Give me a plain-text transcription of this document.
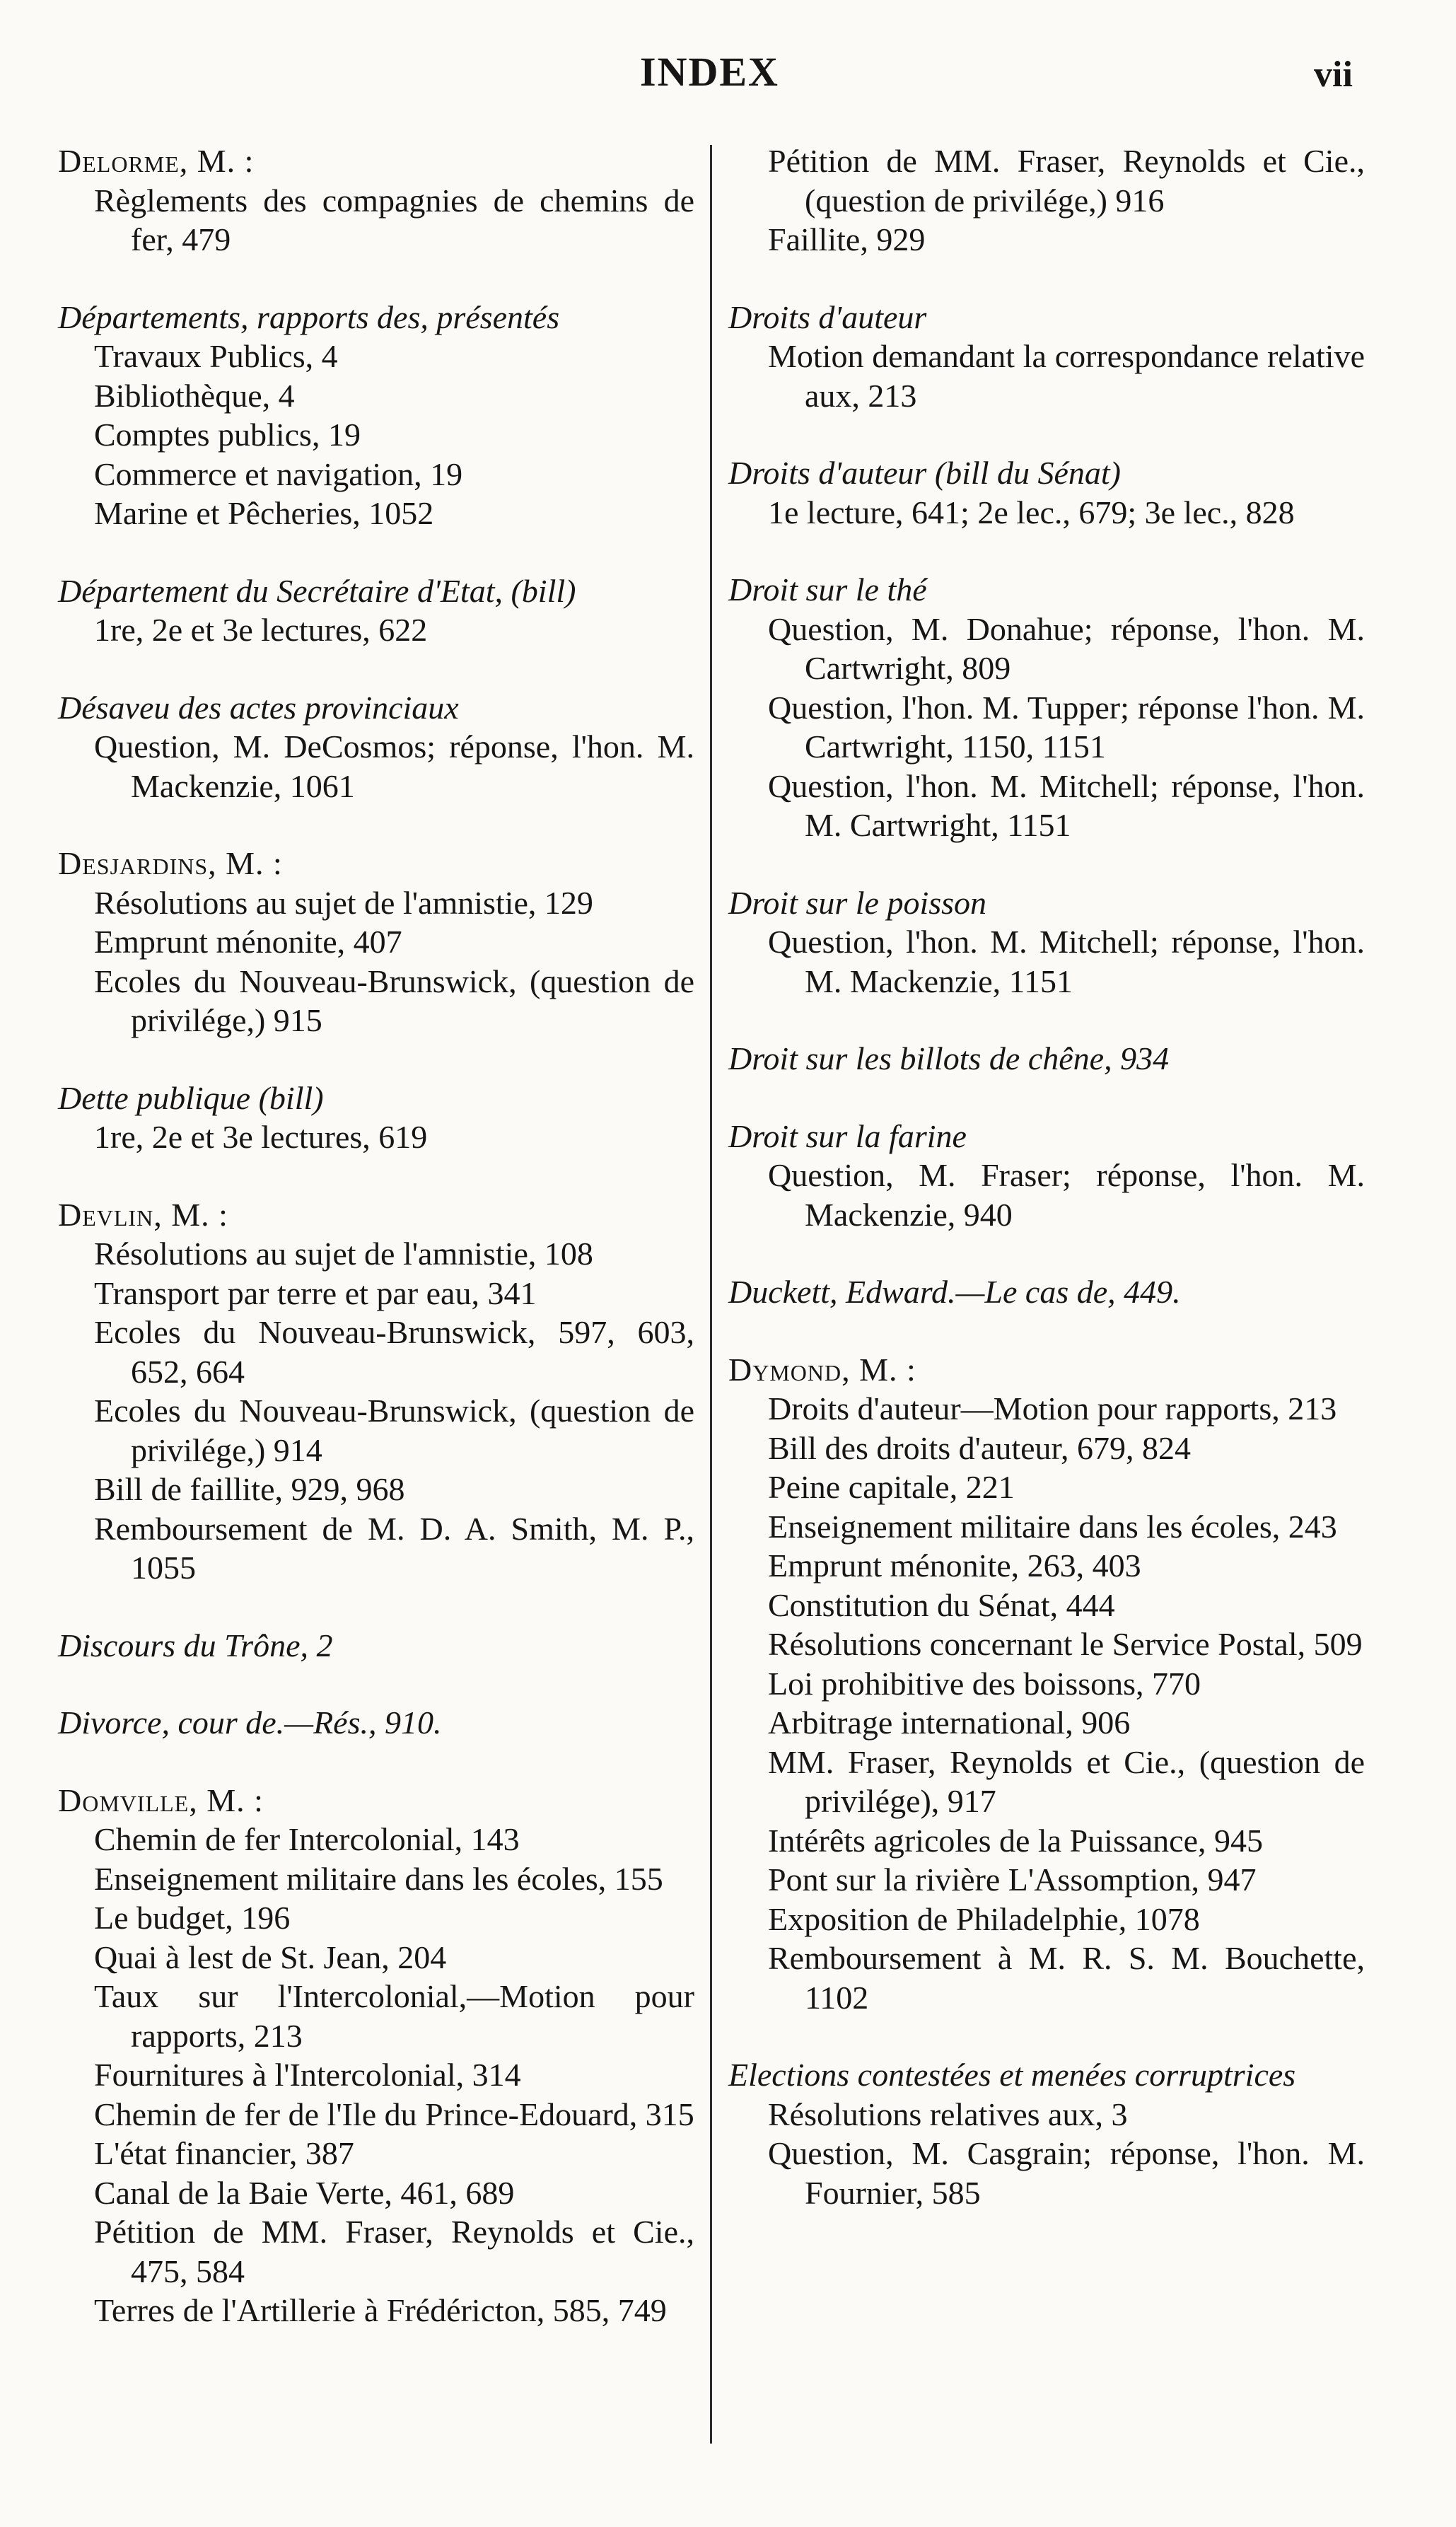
INDEX	vii
Delorme, M. :
Règlements des compagnies de chemins de fer, 479
Départements, rapports des, présentés
Travaux Publics, 4
Bibliothèque, 4
Comptes publics, 19
Commerce et navigation, 19
Marine et Pêcheries, 1052
Département du Secrétaire d'Etat, (bill)
1re, 2e et 3e lectures, 622
Désaveu des actes provinciaux
Question, M. DeCosmos; réponse, l'hon. M. Mackenzie, 1061
Desjardins, M. :
Résolutions au sujet de l'amnistie, 129
Emprunt ménonite, 407
Ecoles du Nouveau-Brunswick, (question de privilége,) 915
Dette publique (bill)
1re, 2e et 3e lectures, 619
Devlin, M. :
Résolutions au sujet de l'amnistie, 108
Transport par terre et par eau, 341
Ecoles du Nouveau-Brunswick, 597, 603, 652, 664
Ecoles du Nouveau-Brunswick, (question de privilége,) 914
Bill de faillite, 929, 968
Remboursement de M. D. A. Smith, M. P., 1055
Discours du Trône, 2
Divorce, cour de.—Rés., 910.
Domville, M. :
Chemin de fer Intercolonial, 143
Enseignement militaire dans les écoles, 155
Le budget, 196
Quai à lest de St. Jean, 204
Taux sur l'Intercolonial,—Motion pour rapports, 213
Fournitures à l'Intercolonial, 314
Chemin de fer de l'Ile du Prince-Edouard, 315
L'état financier, 387
Canal de la Baie Verte, 461, 689
Pétition de MM. Fraser, Reynolds et Cie., 475, 584
Terres de l'Artillerie à Frédéricton, 585, 749
Pétition de MM. Fraser, Reynolds et Cie., (question de privilége,) 916
Faillite, 929
Droits d'auteur
Motion demandant la correspondance relative aux, 213
Droits d'auteur (bill du Sénat)
1e lecture, 641; 2e lec., 679; 3e lec., 828
Droit sur le thé
Question, M. Donahue; réponse, l'hon. M. Cartwright, 809
Question, l'hon. M. Tupper; réponse l'hon. M. Cartwright, 1150, 1151
Question, l'hon. M. Mitchell; réponse, l'hon. M. Cartwright, 1151
Droit sur le poisson
Question, l'hon. M. Mitchell; réponse, l'hon. M. Mackenzie, 1151
Droit sur les billots de chêne, 934
Droit sur la farine
Question, M. Fraser; réponse, l'hon. M. Mackenzie, 940
Duckett, Edward.—Le cas de, 449.
Dymond, M. :
Droits d'auteur—Motion pour rapports, 213
Bill des droits d'auteur, 679, 824
Peine capitale, 221
Enseignement militaire dans les écoles, 243
Emprunt ménonite, 263, 403
Constitution du Sénat, 444
Résolutions concernant le Service Postal, 509
Loi prohibitive des boissons, 770
Arbitrage international, 906
MM. Fraser, Reynolds et Cie., (question de privilége), 917
Intérêts agricoles de la Puissance, 945
Pont sur la rivière L'Assomption, 947
Exposition de Philadelphie, 1078
Remboursement à M. R. S. M. Bouchette, 1102
Elections contestées et menées corruptrices
Résolutions relatives aux, 3
Question, M. Casgrain; réponse, l'hon. M. Fournier, 585
